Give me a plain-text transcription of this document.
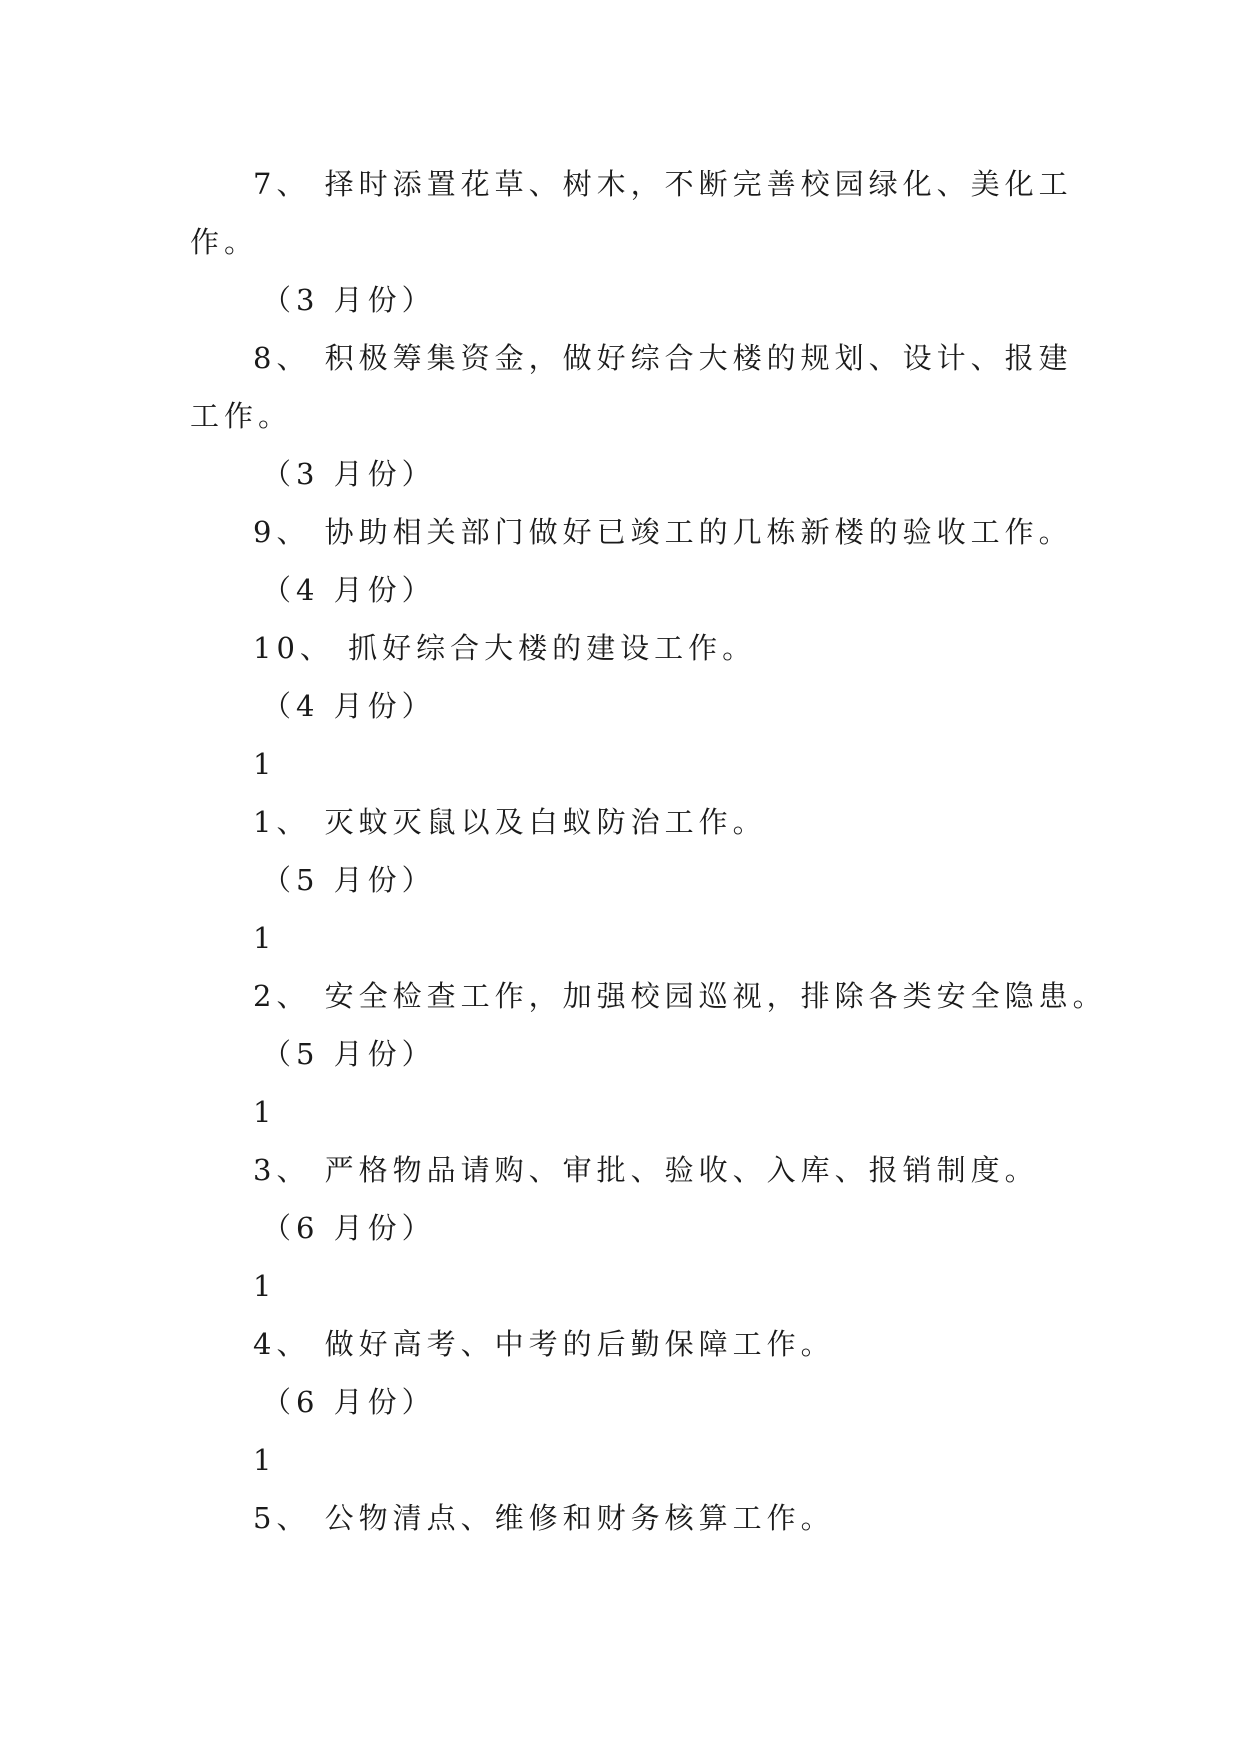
7、 择时添置花草、树木，不断完善校园绿化、美化工
作。
（3 月份）
8、 积极筹集资金，做好综合大楼的规划、设计、报建
工作。
（3 月份）
9、 协助相关部门做好已竣工的几栋新楼的验收工作。
（4 月份）
10、 抓好综合大楼的建设工作。
（4 月份）
1
1、 灭蚊灭鼠以及白蚁防治工作。
（5 月份）
1
2、 安全检查工作，加强校园巡视，排除各类安全隐患。
（5 月份）
1
3、 严格物品请购、审批、验收、入库、报销制度。
（6 月份）
1
4、 做好高考、中考的后勤保障工作。
（6 月份）
1
5、 公物清点、维修和财务核算工作。
